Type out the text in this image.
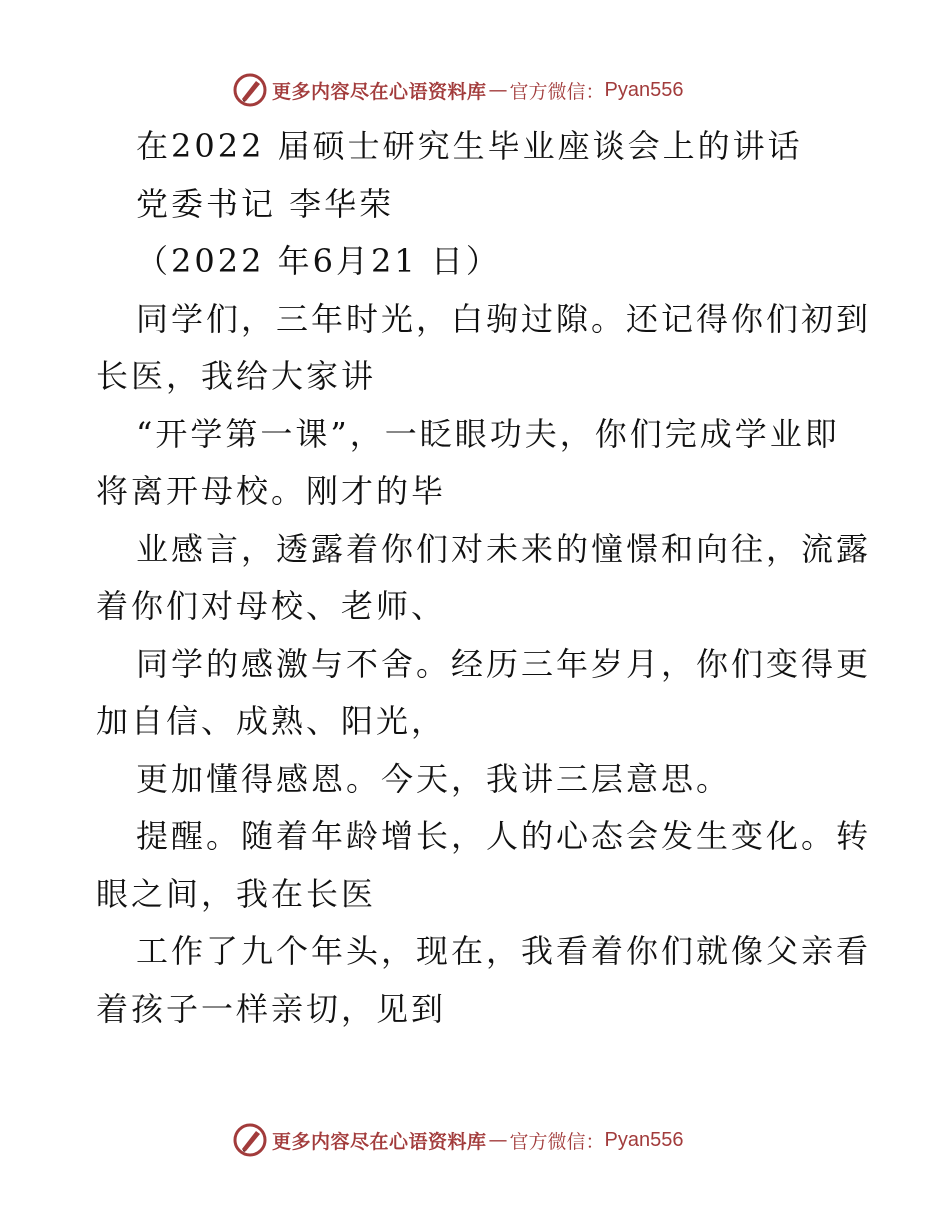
更多内容尽在心语资料库 — 官方微信： Pyan556
在2022 届硕士研究生毕业座谈会上的讲话
党委书记 李华荣
（2022 年6月21 日）
同学们，三年时光，白驹过隙。还记得你们初到
长医，我给大家讲
“开学第一课”，一眨眼功夫，你们完成学业即
将离开母校。刚才的毕
业感言，透露着你们对未来的憧憬和向往，流露
着你们对母校、老师、
同学的感激与不舍。经历三年岁月，你们变得更
加自信、成熟、阳光，
更加懂得感恩。今天，我讲三层意思。
提醒。随着年龄增长，人的心态会发生变化。转
眼之间，我在长医
工作了九个年头，现在，我看着你们就像父亲看
着孩子一样亲切，见到
更多内容尽在心语资料库 — 官方微信： Pyan556
